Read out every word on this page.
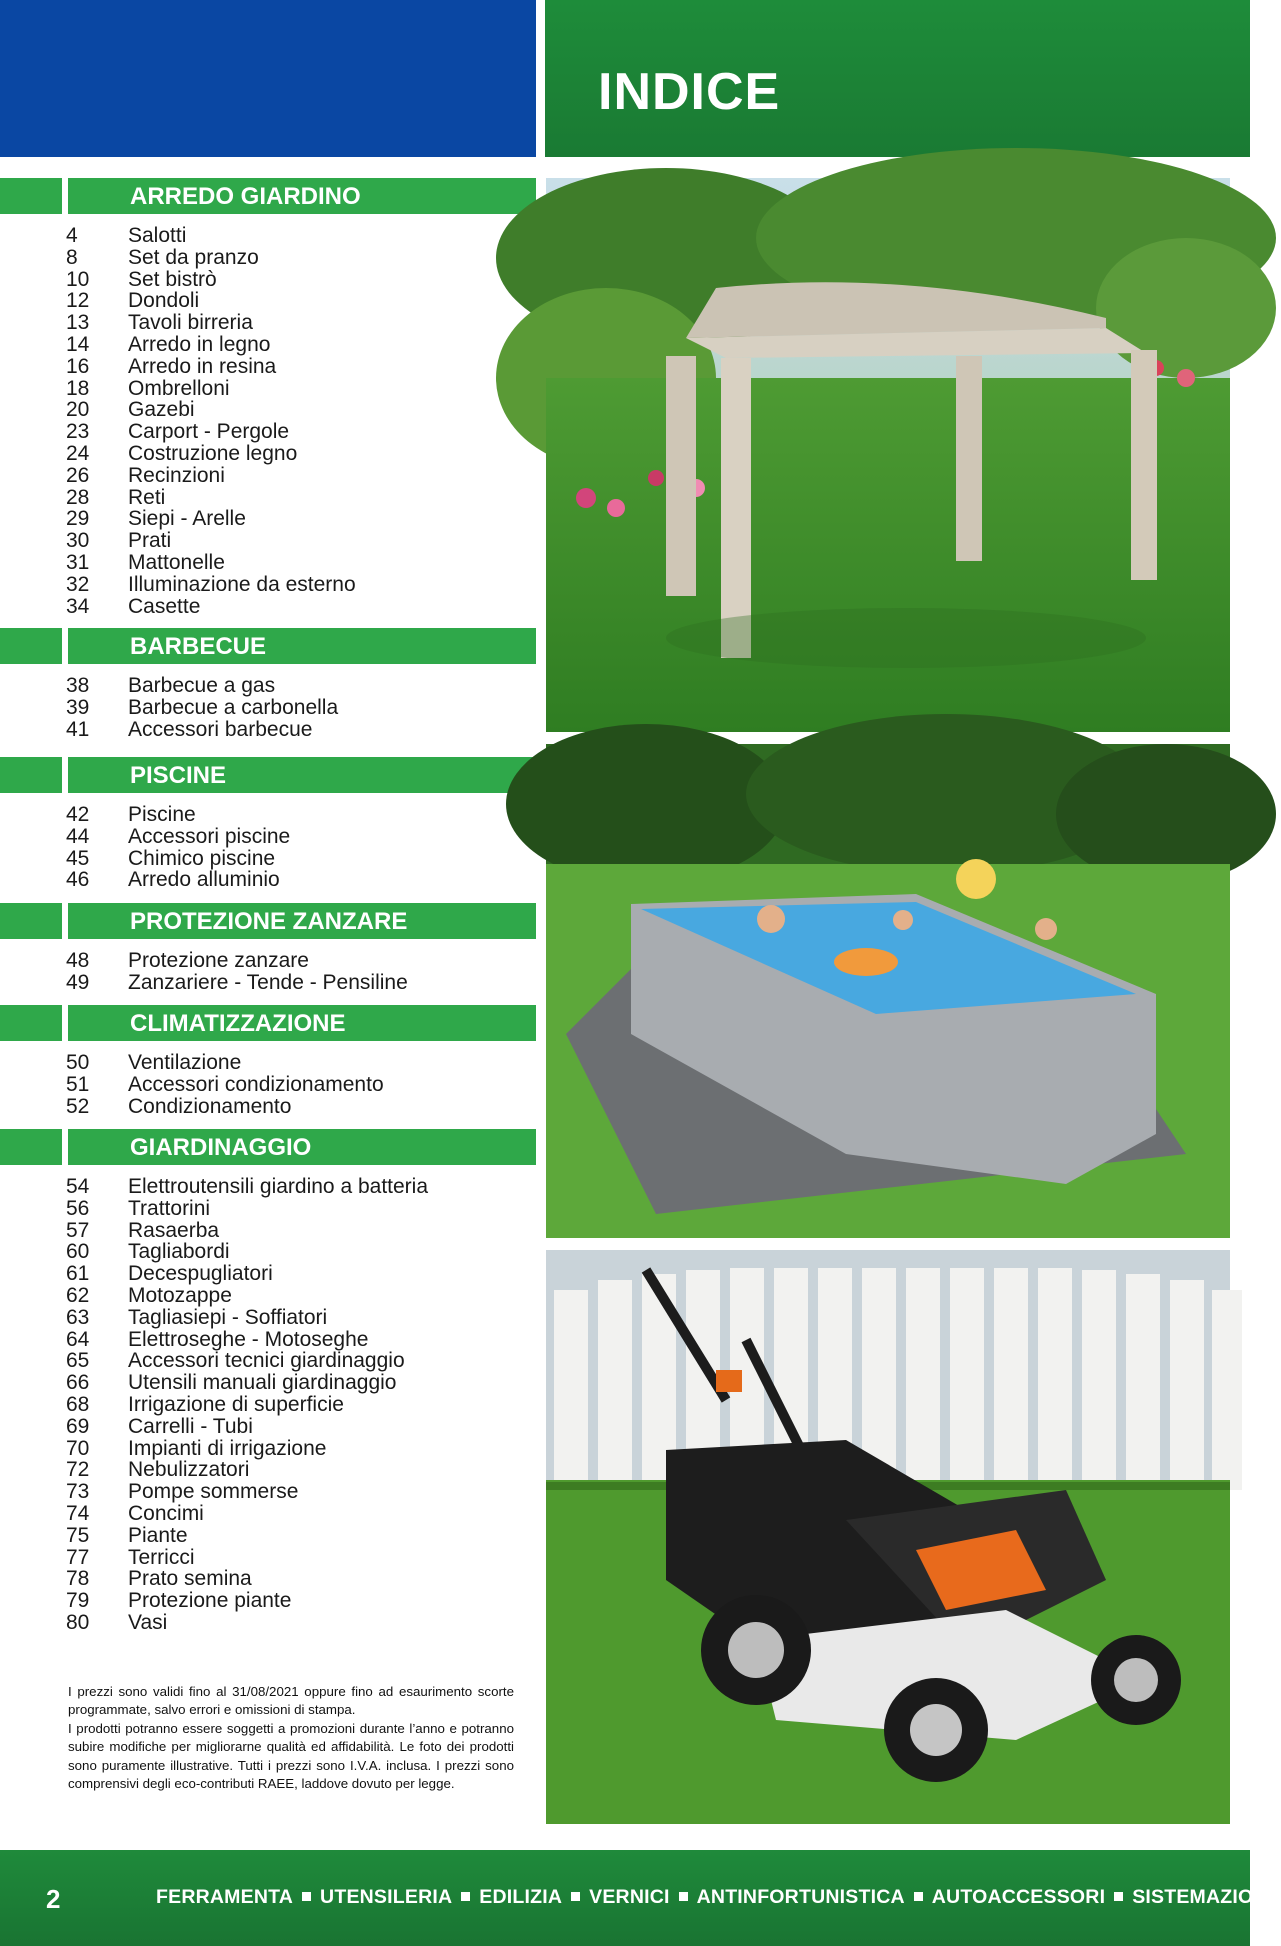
INDICE
ARREDO GIARDINO
4	Salotti
8	Set da pranzo
10	Set bistrò
12	Dondoli
13	Tavoli birreria
14	Arredo in legno
16	Arredo in resina
18	Ombrelloni
20	Gazebi
23	Carport - Pergole
24	Costruzione legno
26	Recinzioni
28	Reti
29	Siepi - Arelle
30	Prati
31	Mattonelle
32	Illuminazione da esterno
34	Casette
BARBECUE
38	Barbecue a gas
39	Barbecue a carbonella
41	Accessori barbecue
PISCINE
42	Piscine
44	Accessori piscine
45	Chimico piscine
46	Arredo alluminio
PROTEZIONE ZANZARE
48	Protezione zanzare
49	Zanzariere - Tende - Pensiline
CLIMATIZZAZIONE
50	Ventilazione
51	Accessori condizionamento
52	Condizionamento
GIARDINAGGIO
54	Elettroutensili giardino a batteria
56	Trattorini
57	Rasaerba
60	Tagliabordi
61	Decespugliatori
62	Motozappe
63	Tagliasiepi - Soffiatori
64	Elettroseghe - Motoseghe
65	Accessori tecnici giardinaggio
66	Utensili manuali giardinaggio
68	Irrigazione di superficie
69	Carrelli - Tubi
70	Impianti di irrigazione
72	Nebulizzatori
73	Pompe sommerse
74	Concimi
75	Piante
77	Terricci
78	Prato semina
79	Protezione piante
80	Vasi

I prezzi sono validi fino al 31/08/2021 oppure fino ad esaurimento scorte programmate, salvo errori e omissioni di stampa.

I prodotti potranno essere soggetti a promozioni durante l’anno e potranno subire modifiche per migliorarne qualità ed affidabilità. Le foto dei prodotti sono puramente illustrative. Tutti i prezzi sono I.V.A. inclusa. I prezzi sono comprensivi degli eco-contributi RAEE, laddove dovuto per legge.

2	FERRAMENTA UTENSILERIA EDILIZIA VERNICI ANTINFORTUNISTICA AUTOACCESSORI SISTEMAZIONE
